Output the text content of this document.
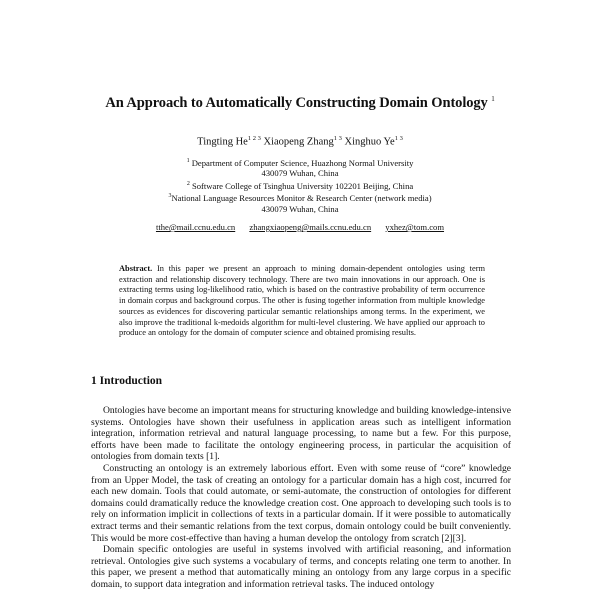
An Approach to Automatically Constructing Domain Ontology $^1$
Tingting $He^{1 2 3}$ Xiaopeng Zhang$^{1 3}$ Xinghuo $Ye^{1 3}$
$^1$ Department of Computer Science, Huazhong Normal University
430079 Wuhan, China
$^2$ Software College of Tsinghua University 102201 Beijing, China
$^3$National Language Resources Monitor & Research Center (network media)
430079 Wuhan, China
tthe@mail.ccnu.edu.cn zhangxiaopeng@mails.ccnu.edu.cn yxhez@tom.com
Abstract. In this paper we present an approach to mining domain-dependent ontologies using term extraction and relationship discovery technology. There are two main innovations in our approach. One is extracting terms using log-likelihood ratio, which is based on the contrastive probability of term occurrence in domain corpus and background corpus. The other is fusing together information from multiple knowledge sources as evidences for discovering particular semantic relationships among terms. In the experiment, we also improve the traditional k-medoids algorithm for multi-level clustering. We have applied our approach to produce an ontology for the domain of computer science and obtained promising results.
1 Introduction

Ontologies have become an important means for structuring knowledge and building knowledge-intensive systems. Ontologies have shown their usefulness in application areas such as intelligent information integration, information retrieval and natural language processing, to name but a few. For this purpose, efforts have been made to facilitate the ontology engineering process, in particular the acquisition of ontologies from domain texts [1].

Constructing an ontology is an extremely laborious effort. Even with some reuse of “core” knowledge from an Upper Model, the task of creating an ontology for a particular domain has a high cost, incurred for each new domain. Tools that could automate, or semi-automate, the construction of ontologies for different domains could dramatically reduce the knowledge creation cost. One approach to developing such tools is to rely on information implicit in collections of texts in a particular domain. If it were possible to automatically extract terms and their semantic relations from the text corpus, domain ontology could be built conveniently. This would be more cost-effective than having a human develop the ontology from scratch [2][3].

Domain specific ontologies are useful in systems involved with artificial reasoning, and information retrieval. Ontologies give such systems a vocabulary of terms, and concepts relating one term to another. In this paper, we present a method that automatically mining an ontology from any large corpus in a specific domain, to support data integration and information retrieval tasks. The induced ontology
